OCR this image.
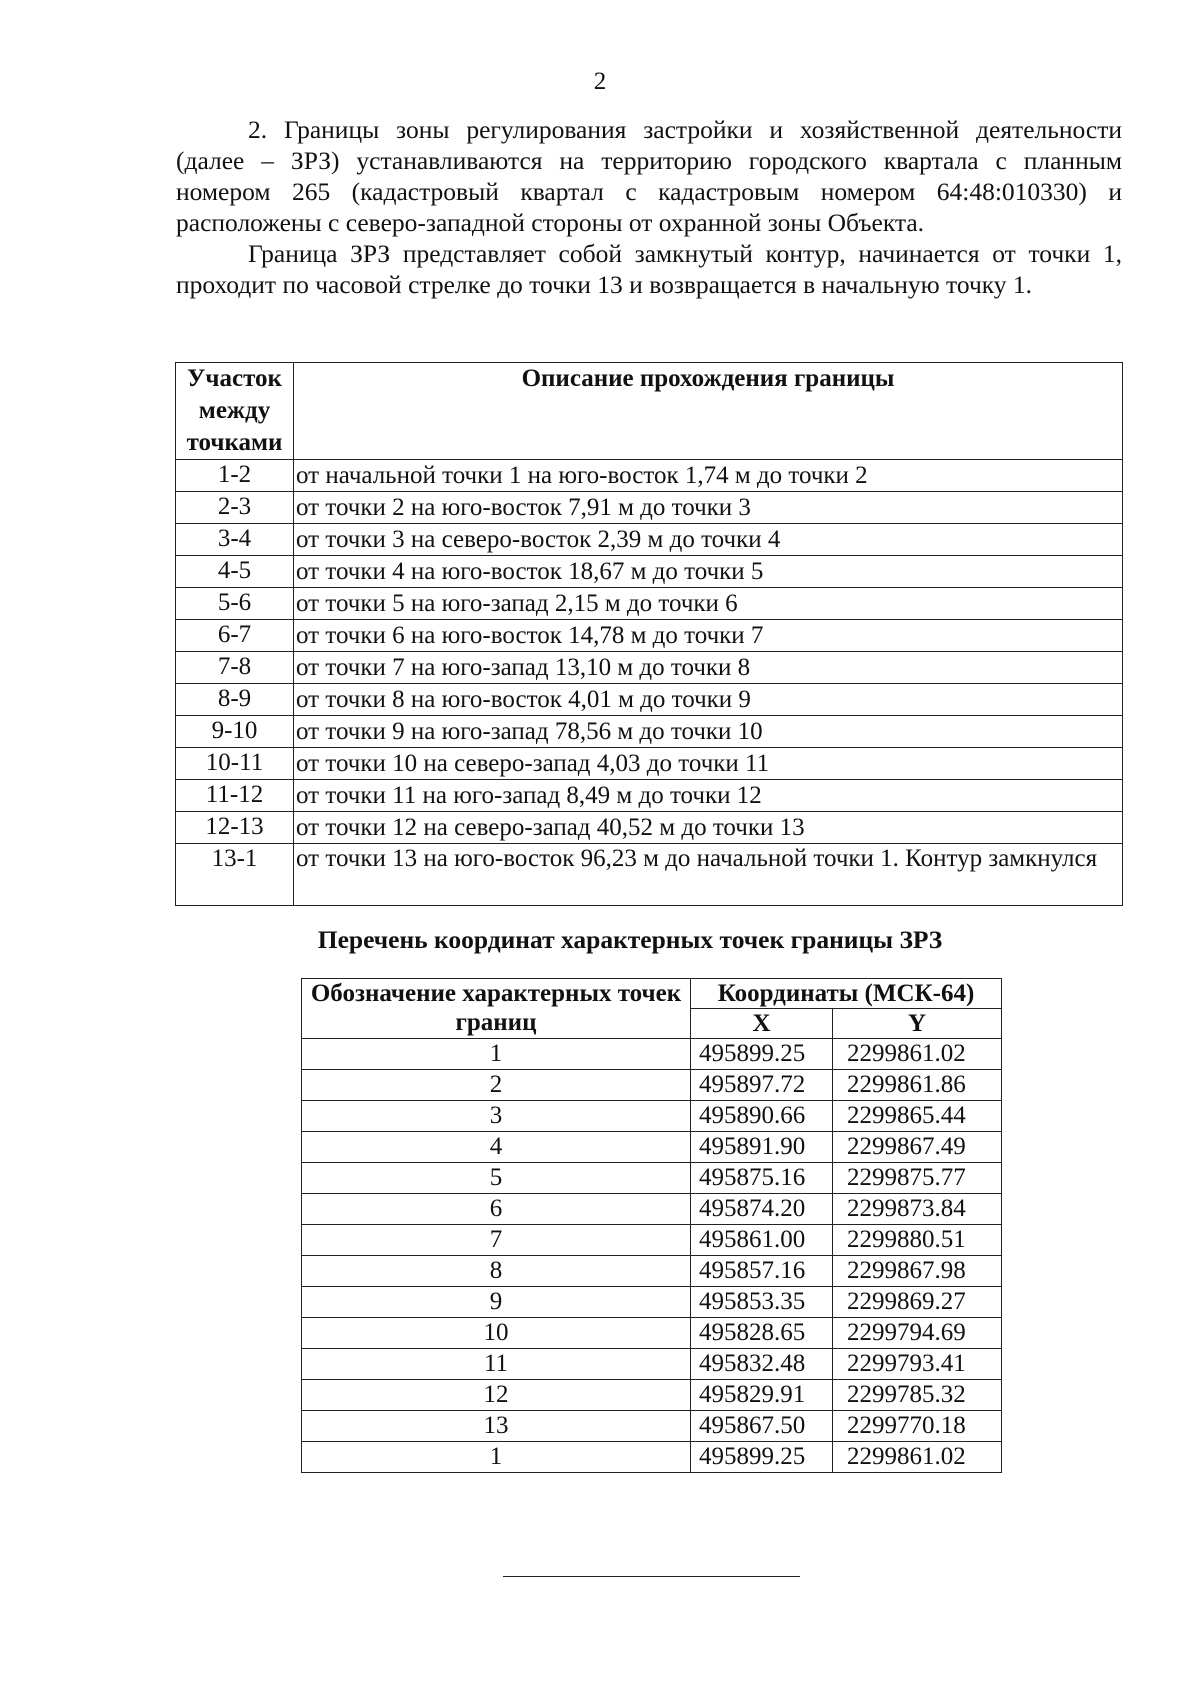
2
2. Границы зоны регулирования застройки и хозяйственной деятельности (далее – ЗРЗ) устанавливаются на территорию городского квартала с планным номером 265 (кадастровый квартал с кадастровым номером 64:48:010330) и расположены с северо-западной стороны от охранной зоны Объекта.
Граница ЗРЗ представляет собой замкнутый контур, начинается от точки 1, проходит по часовой стрелке до точки 13 и возвращается в начальную точку 1.
Участок между точками	Описание прохождения границы
1-2	от начальной точки 1 на юго-восток 1,74 м до точки 2
2-3	от точки 2 на юго-восток 7,91 м до точки 3
3-4	от точки 3 на северо-восток 2,39 м до точки 4
4-5	от точки 4 на юго-восток 18,67 м до точки 5
5-6	от точки 5 на юго-запад 2,15 м до точки 6
6-7	от точки 6 на юго-восток 14,78 м до точки 7
7-8	от точки 7 на юго-запад 13,10 м до точки 8
8-9	от точки 8 на юго-восток 4,01 м до точки 9
9-10	от точки 9 на юго-запад 78,56 м до точки 10
10-11	от точки 10 на северо-запад 4,03 до точки 11
11-12	от точки 11 на юго-запад 8,49 м до точки 12
12-13	от точки 12 на северо-запад 40,52 м до точки 13
13-1	от точки 13 на юго-восток 96,23 м до начальной точки 1. Контур замкнулся
Перечень координат характерных точек границы ЗРЗ
Обозначение характерных точек границ	Координаты (МСК-64)	
	X	Y
1	495899.25	2299861.02
2	495897.72	2299861.86
3	495890.66	2299865.44
4	495891.90	2299867.49
5	495875.16	2299875.77
6	495874.20	2299873.84
7	495861.00	2299880.51
8	495857.16	2299867.98
9	495853.35	2299869.27
10	495828.65	2299794.69
11	495832.48	2299793.41
12	495829.91	2299785.32
13	495867.50	2299770.18
1	495899.25	2299861.02
